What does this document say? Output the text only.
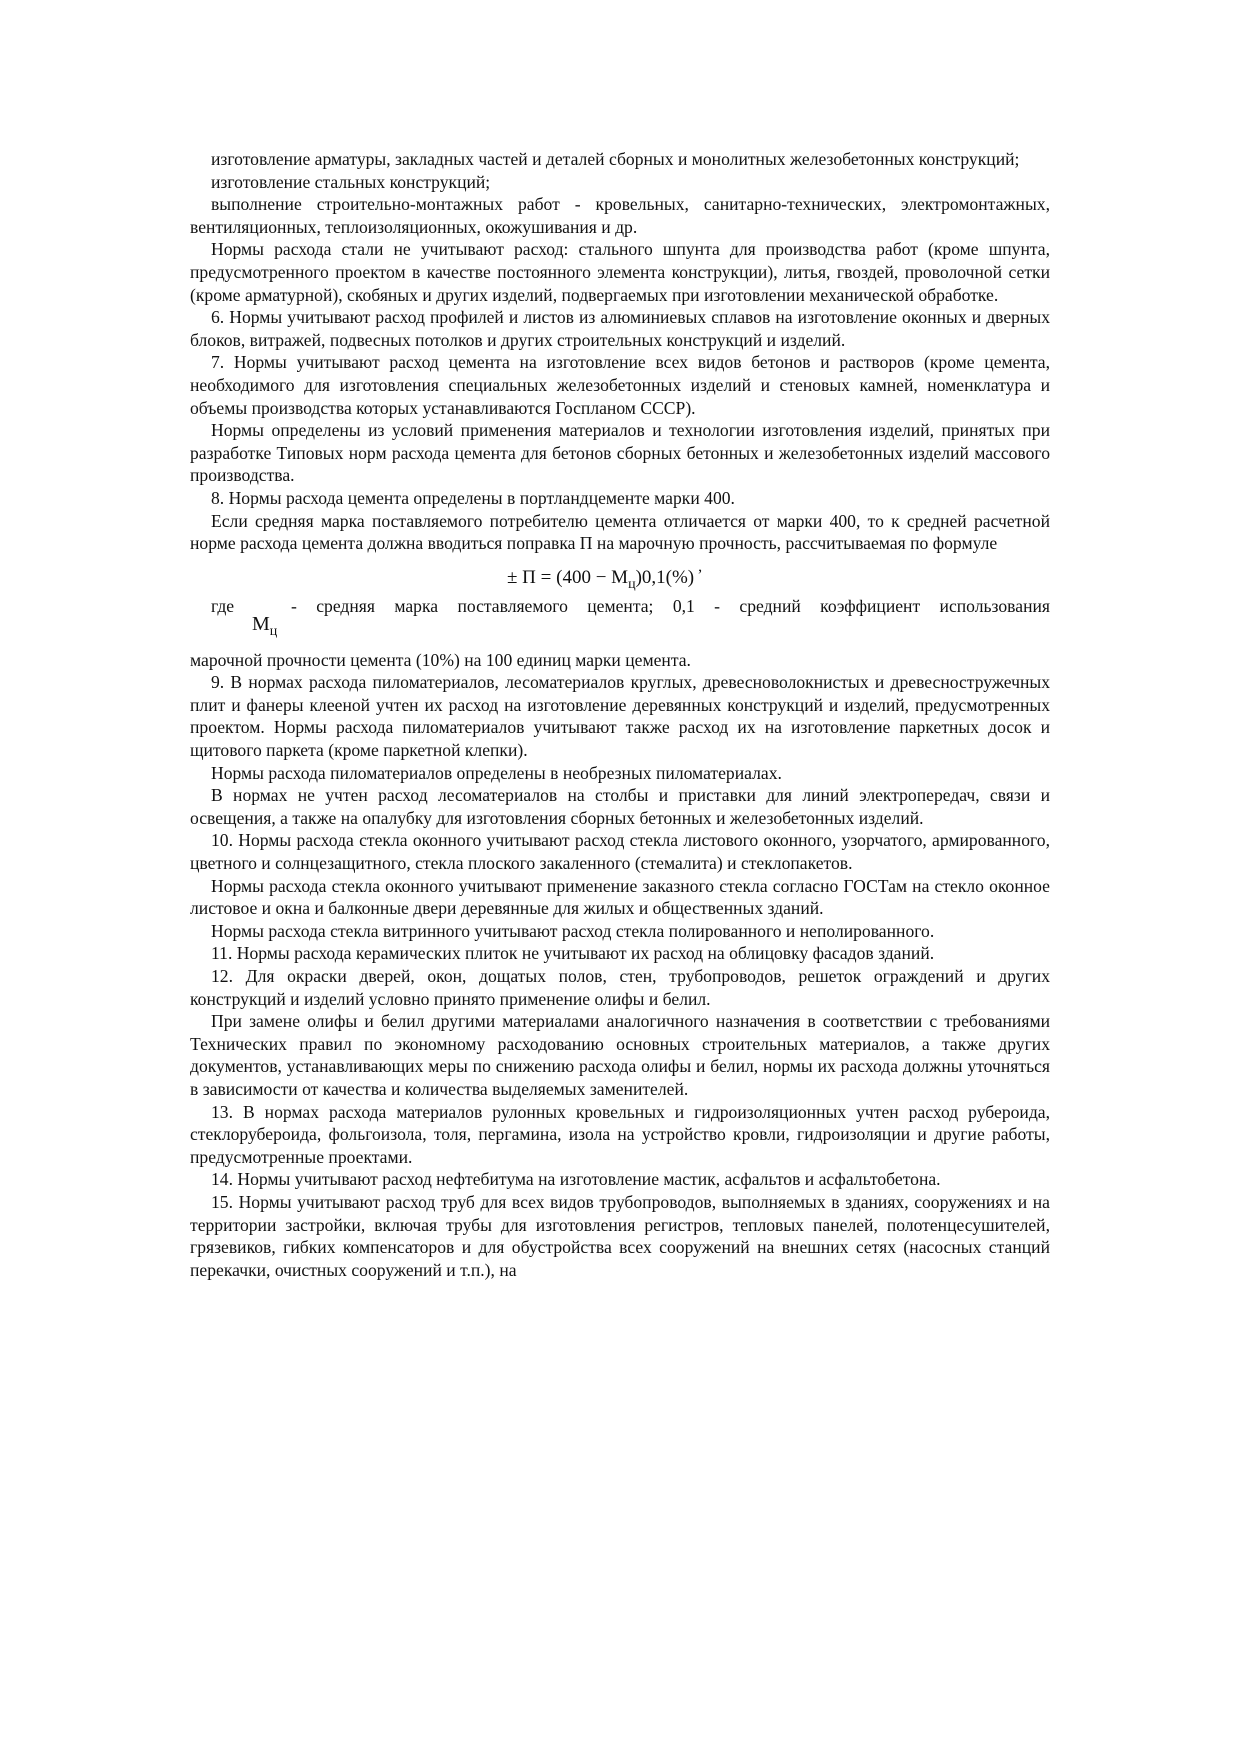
изготовление арматуры, закладных частей и деталей сборных и монолитных железобетонных конструкций;

изготовление стальных конструкций;

выполнение строительно-монтажных работ - кровельных, санитарно-технических, электромонтажных, вентиляционных, теплоизоляционных, окожушивания и др.

Нормы расхода стали не учитывают расход: стального шпунта для производства работ (кроме шпунта, предусмотренного проектом в качестве постоянного элемента конструкции), литья, гвоздей, проволочной сетки (кроме арматурной), скобяных и других изделий, подвергаемых при изготовлении механической обработке.

6. Нормы учитывают расход профилей и листов из алюминиевых сплавов на изготовление оконных и дверных блоков, витражей, подвесных потолков и других строительных конструкций и изделий.

7. Нормы учитывают расход цемента на изготовление всех видов бетонов и растворов (кроме цемента, необходимого для изготовления специальных железобетонных изделий и стеновых камней, номенклатура и объемы производства которых устанавливаются Госпланом СССР).

Нормы определены из условий применения материалов и технологии изготовления изделий, принятых при разработке Типовых норм расхода цемента для бетонов сборных бетонных и железобетонных изделий массового производства.

8. Нормы расхода цемента определены в портландцементе марки 400.

Если средняя марка поставляемого потребителю цемента отличается от марки 400, то к средней расчетной норме расхода цемента должна вводиться поправка П на марочную прочность, рассчитываемая по формуле

± $П = (400 - М_ц)0,1(\%)^,$
где
$М_ц$
- средняя марка поставляемого цемента; 0,1 - средний коэффициент использования

марочной прочности цемента (10%) на 100 единиц марки цемента.

9. В нормах расхода пиломатериалов, лесоматериалов круглых, древесноволокнистых и древесностружечных плит и фанеры клееной учтен их расход на изготовление деревянных конструкций и изделий, предусмотренных проектом. Нормы расхода пиломатериалов учитывают также расход их на изготовление паркетных досок и щитового паркета (кроме паркетной клепки).

Нормы расхода пиломатериалов определены в необрезных пиломатериалах.

В нормах не учтен расход лесоматериалов на столбы и приставки для линий электропередач, связи и освещения, а также на опалубку для изготовления сборных бетонных и железобетонных изделий.

10. Нормы расхода стекла оконного учитывают расход стекла листового оконного, узорчатого, армированного, цветного и солнцезащитного, стекла плоского закаленного (стемалита) и стеклопакетов.

Нормы расхода стекла оконного учитывают применение заказного стекла согласно ГОСТам на стекло оконное листовое и окна и балконные двери деревянные для жилых и общественных зданий.

Нормы расхода стекла витринного учитывают расход стекла полированного и неполированного.

11. Нормы расхода керамических плиток не учитывают их расход на облицовку фасадов зданий.

12. Для окраски дверей, окон, дощатых полов, стен, трубопроводов, решеток ограждений и других конструкций и изделий условно принято применение олифы и белил.

При замене олифы и белил другими материалами аналогичного назначения в соответствии с требованиями Технических правил по экономному расходованию основных строительных материалов, а также других документов, устанавливающих меры по снижению расхода олифы и белил, нормы их расхода должны уточняться в зависимости от качества и количества выделяемых заменителей.

13. В нормах расхода материалов рулонных кровельных и гидроизоляционных учтен расход рубероида, стеклорубероида, фольгоизола, толя, пергамина, изола на устройство кровли, гидроизоляции и другие работы, предусмотренные проектами.

14. Нормы учитывают расход нефтебитума на изготовление мастик, асфальтов и асфальтобетона.

15. Нормы учитывают расход труб для всех видов трубопроводов, выполняемых в зданиях, сооружениях и на территории застройки, включая трубы для изготовления регистров, тепловых панелей, полотенцесушителей, грязевиков, гибких компенсаторов и для обустройства всех сооружений на внешних сетях (насосных станций перекачки, очистных сооружений и т.п.), на
